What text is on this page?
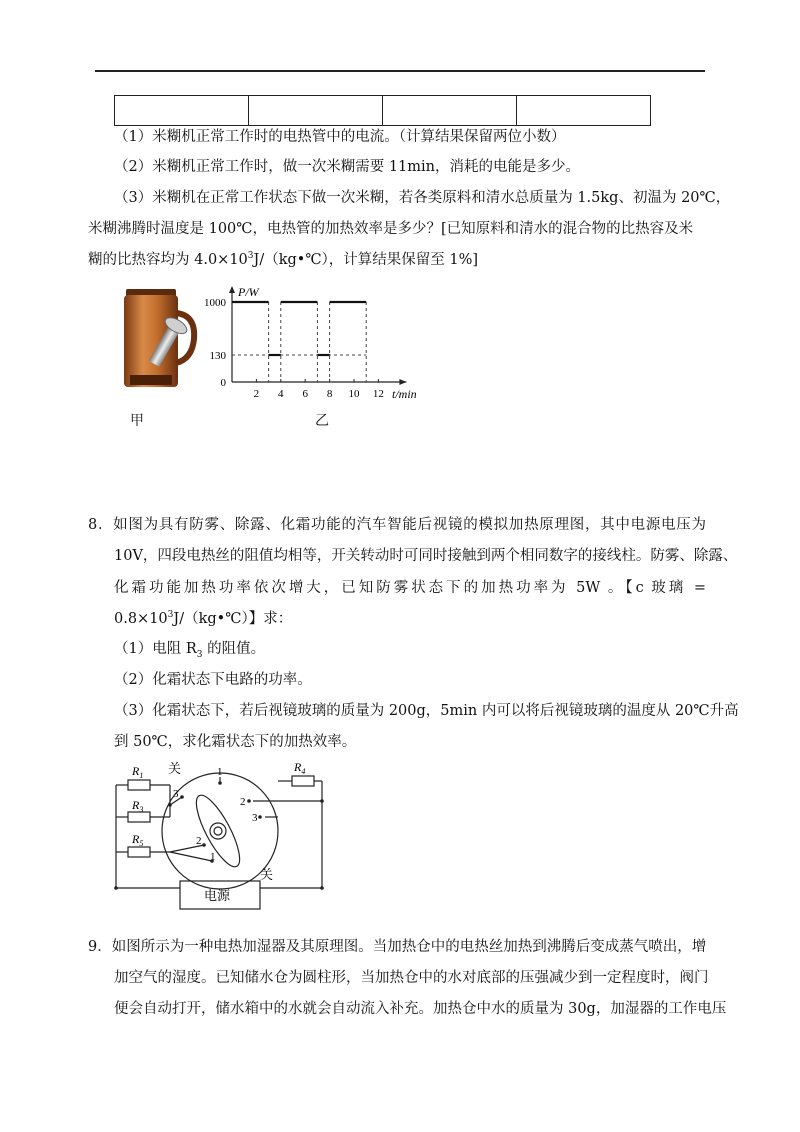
（1）米糊机正常工作时的电热管中的电流。（计算结果保留两位小数）
（2）米糊机正常工作时，做一次米糊需要 11min，消耗的电能是多少。
（3）米糊机在正常工作状态下做一次米糊，若各类原料和清水总质量为 1.5kg、初温为 20℃，
米糊沸腾时温度是 100℃，电热管的加热效率是多少？[已知原料和清水的混合物的比热容及米
糊的比热容均为 $4.0\times 10^3J/(kg•℃)$，计算结果保留至 1%]
甲
P/W
t/min
0
130
1000
2 4 6 8 10 12
乙
8．如图为具有防雾、除露、化霜功能的汽车智能后视镜的模拟加热原理图，其中电源电压为
10V，四段电热丝的阻值均相等，开关转动时可同时接触到两个相同数字的接线柱。防雾、除露、
化霜功能加热功率依次增大，已知防雾状态下的加热功率为 5W 。【c 玻璃 =
$0.8\times 10^3J/(kg•℃)$】求：
（1）电阻 $R_3$ 的阻值。
（2）化霜状态下电路的功率。
（3）化霜状态下，若后视镜玻璃的质量为 200g，5min 内可以将后视镜玻璃的温度从 20℃升高
到 50℃，求化霜状态下的加热效率。
$R_1$
$R_3$
$R_5$
$R_4$
1
2
3
3
2
1
关
关
电源
9．如图所示为一种电热加湿器及其原理图。当加热仓中的电热丝加热到沸腾后变成蒸气喷出，增
加空气的湿度。已知储水仓为圆柱形，当加热仓中的水对底部的压强减少到一定程度时，阀门
便会自动打开，储水箱中的水就会自动流入补充。加热仓中水的质量为 30g，加湿器的工作电压
